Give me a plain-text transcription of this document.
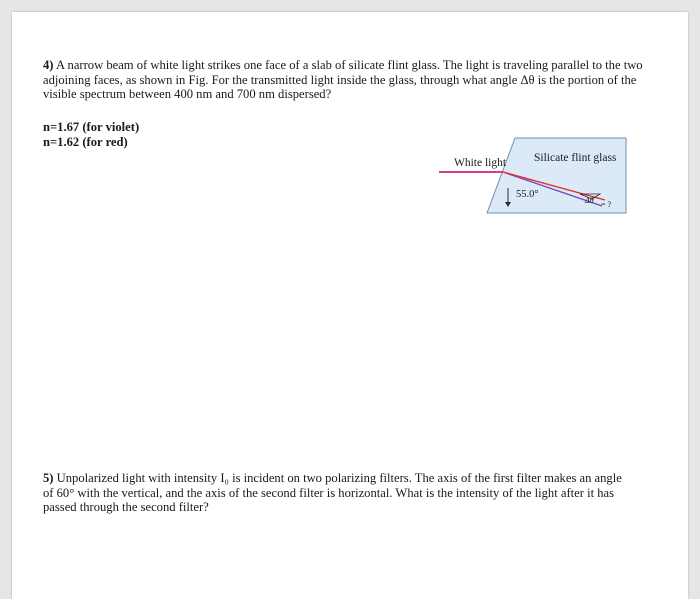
4) A narrow beam of white light strikes one face of a slab of silicate flint glass. The light is traveling parallel to the two adjoining faces, as shown in Fig. For the transmitted light inside the glass, through what angle Δθ is the portion of the visible spectrum between 400 nm and 700 nm dispersed?
n=1.67 (for violet)
n=1.62 (for red)
White light Silicate flint glass
55.0°
Δθ = ?
5) Unpolarized light with intensity I₀ is incident on two polarizing filters. The axis of the first filter makes an angle of 60° with the vertical, and the axis of the second filter is horizontal. What is the intensity of the light after it has passed through the second filter?
